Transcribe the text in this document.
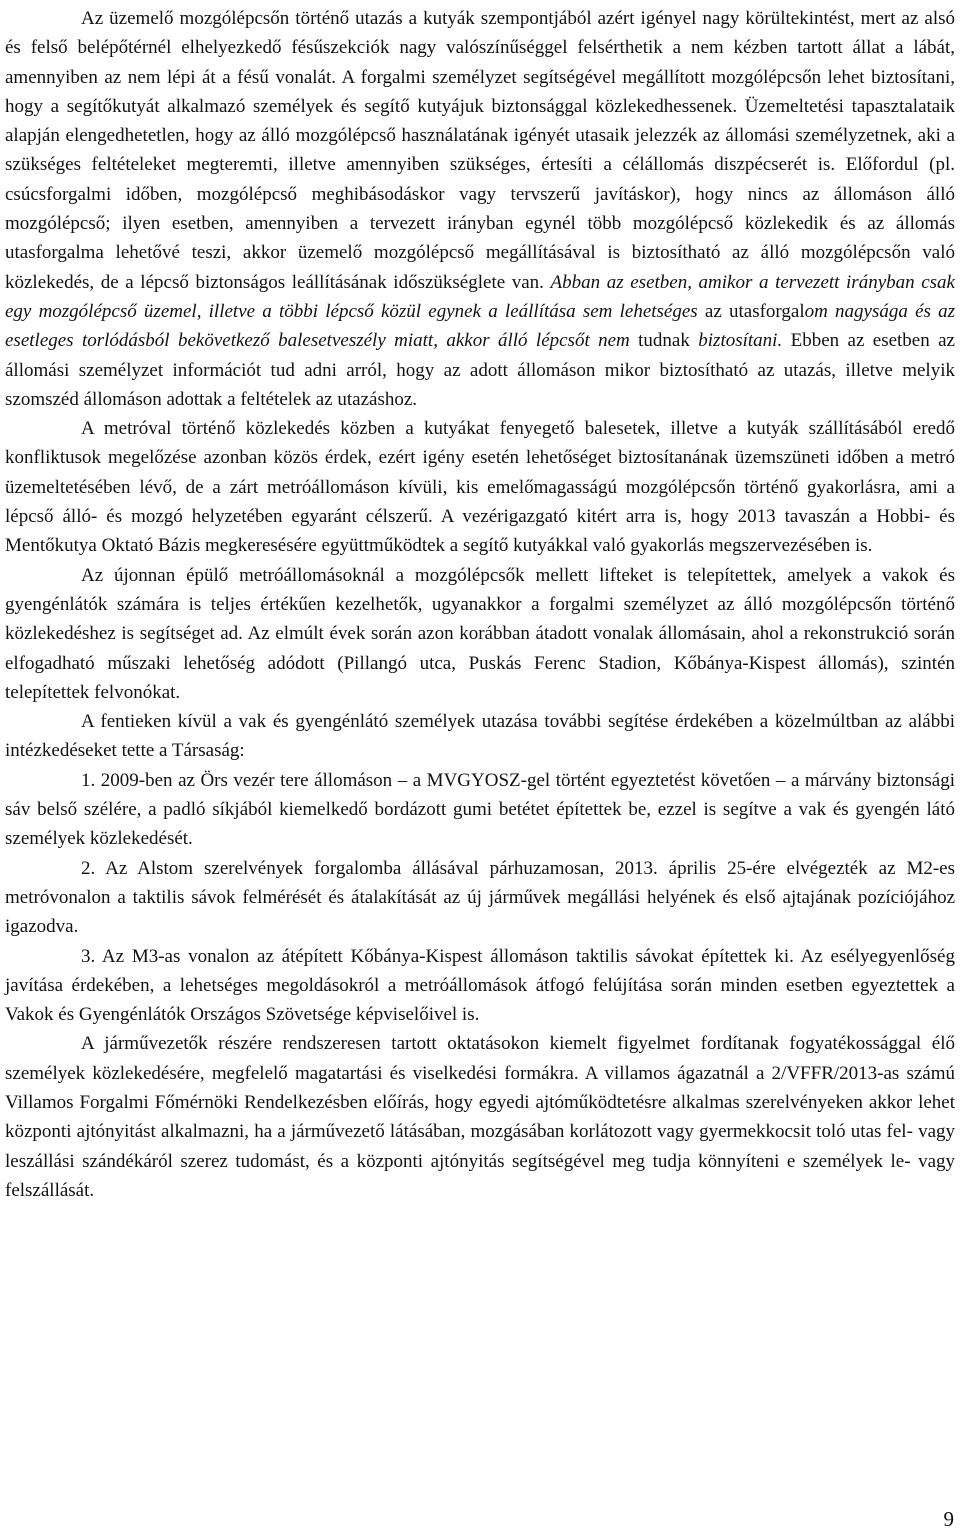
Az üzemelő mozgólépcsőn történő utazás a kutyák szempontjából azért igényel nagy körültekintést, mert az alsó és felső belépőtérnél elhelyezkedő fésűszekciók nagy valószínűséggel felsérthetik a nem kézben tartott állat a lábát, amennyiben az nem lépi át a fésű vonalát. A forgalmi személyzet segítségével megállított mozgólépcsőn lehet biztosítani, hogy a segítőkutyát alkalmazó személyek és segítő kutyájuk biztonsággal közlekedhessenek. Üzemeltetési tapasztalataik alapján elengedhetetlen, hogy az álló mozgólépcső használatának igényét utasaik jelezzék az állomási személyzetnek, aki a szükséges feltételeket megteremti, illetve amennyiben szükséges, értesíti a célállomás diszpécserét is. Előfordul (pl. csúcsforgalmi időben, mozgólépcső meghibásodáskor vagy tervszerű javításkor), hogy nincs az állomáson álló mozgólépcső; ilyen esetben, amennyiben a tervezett irányban egynél több mozgólépcső közlekedik és az állomás utasforgalma lehetővé teszi, akkor üzemelő mozgólépcső megállításával is biztosítható az álló mozgólépcsőn való közlekedés, de a lépcső biztonságos leállításának időszükséglete van. Abban az esetben, amikor a tervezett irányban csak egy mozgólépcső üzemel, illetve a többi lépcső közül egynek a leállítása sem lehetséges az utasforgalom nagysága és az esetleges torlódásból bekövetkező balesetveszély miatt, akkor álló lépcsőt nem tudnak biztosítani. Ebben az esetben az állomási személyzet információt tud adni arról, hogy az adott állomáson mikor biztosítható az utazás, illetve melyik szomszéd állomáson adottak a feltételek az utazáshoz.

A metróval történő közlekedés közben a kutyákat fenyegető balesetek, illetve a kutyák szállításából eredő konfliktusok megelőzése azonban közös érdek, ezért igény esetén lehetőséget biztosítanának üzemszüneti időben a metró üzemeltetésében lévő, de a zárt metróállomáson kívüli, kis emelőmagasságú mozgólépcsőn történő gyakorlásra, ami a lépcső álló- és mozgó helyzetében egyaránt célszerű. A vezérigazgató kitért arra is, hogy 2013 tavaszán a Hobbi- és Mentőkutya Oktató Bázis megkeresésére együttműködtek a segítő kutyákkal való gyakorlás megszervezésében is.

Az újonnan épülő metróállomásoknál a mozgólépcsők mellett lifteket is telepítettek, amelyek a vakok és gyengénlátók számára is teljes értékűen kezelhetők, ugyanakkor a forgalmi személyzet az álló mozgólépcsőn történő közlekedéshez is segítséget ad. Az elmúlt évek során azon korábban átadott vonalak állomásain, ahol a rekonstrukció során elfogadható műszaki lehetőség adódott (Pillangó utca, Puskás Ferenc Stadion, Kőbánya-Kispest állomás), szintén telepítettek felvonókat.

A fentieken kívül a vak és gyengénlátó személyek utazása további segítése érdekében a közelmúltban az alábbi intézkedéseket tette a Társaság:

1. 2009-ben az Örs vezér tere állomáson – a MVGYOSZ-gel történt egyeztetést követően – a márvány biztonsági sáv belső szélére, a padló síkjából kiemelkedő bordázott gumi betétet építettek be, ezzel is segítve a vak és gyengén látó személyek közlekedését.

2. Az Alstom szerelvények forgalomba állásával párhuzamosan, 2013. április 25-ére elvégezték az M2-es metróvonalon a taktilis sávok felmérését és átalakítását az új járművek megállási helyének és első ajtajának pozíciójához igazodva.

3. Az M3-as vonalon az átépített Kőbánya-Kispest állomáson taktilis sávokat építettek ki. Az esélyegyenlőség javítása érdekében, a lehetséges megoldásokról a metróállomások átfogó felújítása során minden esetben egyeztettek a Vakok és Gyengénlátók Országos Szövetsége képviselőivel is.

A járművezetők részére rendszeresen tartott oktatásokon kiemelt figyelmet fordítanak fogyatékossággal élő személyek közlekedésére, megfelelő magatartási és viselkedési formákra. A villamos ágazatnál a 2/VFFR/2013-as számú Villamos Forgalmi Főmérnöki Rendelkezésben előírás, hogy egyedi ajtóműködtetésre alkalmas szerelvényeken akkor lehet központi ajtónyitást alkalmazni, ha a járművezető látásában, mozgásában korlátozott vagy gyermekkocsit toló utas fel- vagy leszállási szándékáról szerez tudomást, és a központi ajtónyitás segítségével meg tudja könnyíteni e személyek le- vagy felszállását.

9
